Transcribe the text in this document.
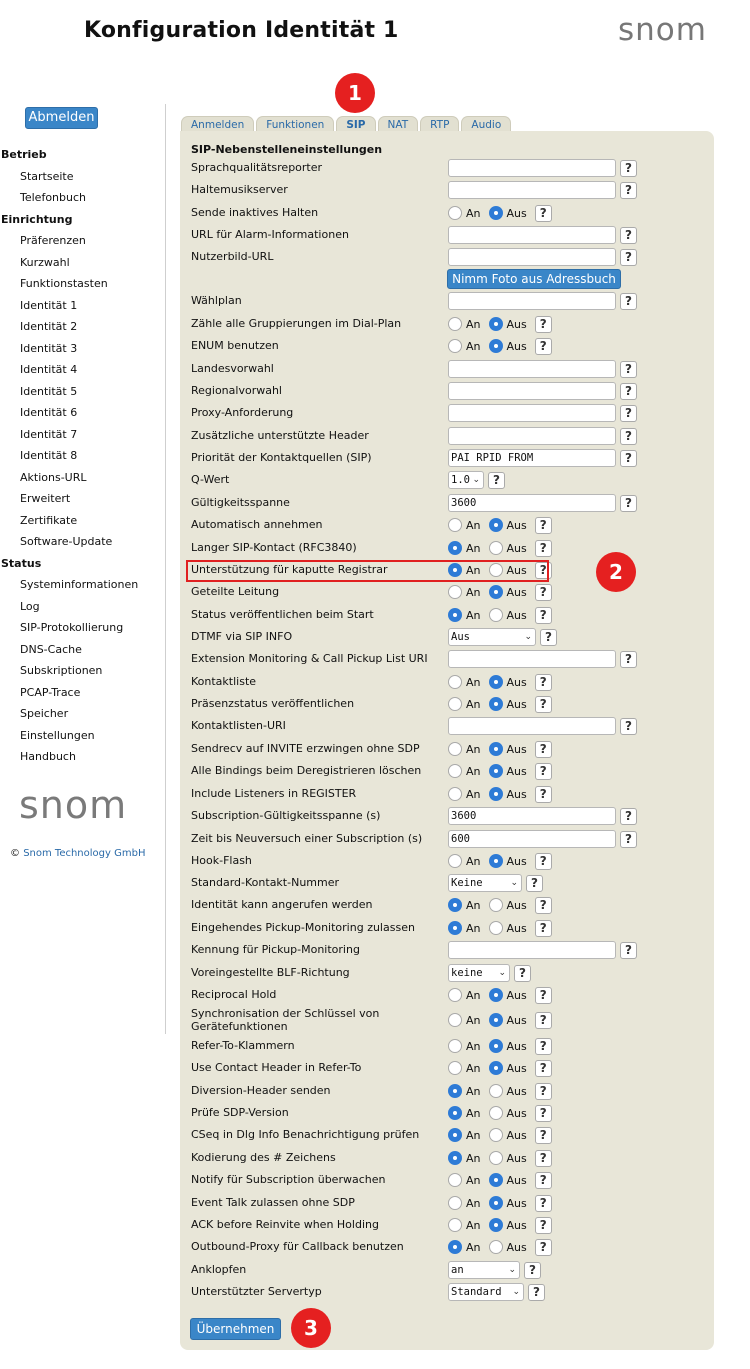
Konfiguration Identität 1	snom
Abmelden
Betrieb
Startseite
Telefonbuch
Einrichtung
Präferenzen
Kurzwahl
Funktionstasten
Identität 1
Identität 2
Identität 3
Identität 4
Identität 5
Identität 6
Identität 7
Identität 8
Aktions-URL
Erweitert
Zertifikate
Software-Update
Status
Systeminformationen
Log
SIP-Protokollierung
DNS-Cache
Subskriptionen
PCAP-Trace
Speicher
Einstellungen
Handbuch
snom
© Snom Technology GmbH
Anmelden	Funktionen	SIP	NAT	RTP	Audio
SIP-Nebenstelleneinstellungen
Sprachqualitätsreporter	?
Haltemusikserver	?
Sende inaktives Halten	An Aus	?
URL für Alarm-Informationen	?
Nutzerbild-URL	?
Nimm Foto aus Adressbuch
Wählplan	?
Zähle alle Gruppierungen im Dial-Plan	An Aus	?
ENUM benutzen	An Aus	?
Landesvorwahl	?
Regionalvorwahl	?
Proxy-Anforderung	?
Zusätzliche unterstützte Header	?
Priorität der Kontaktquellen (SIP)	PAI RPID FROM	?
Q-Wert	1.0 ⌄	?
Gültigkeitsspanne	3600	?
Automatisch annehmen	An Aus	?
Langer SIP-Kontact (RFC3840)	An Aus	?
Unterstützung für kaputte Registrar	An Aus	?
Geteilte Leitung	An Aus	?
Status veröffentlichen beim Start	An Aus	?
DTMF via SIP INFO	Aus	⌄	?
Extension Monitoring & Call Pickup List URI	?
Kontaktliste	An Aus	?
Präsenzstatus veröffentlichen	An Aus	?
Kontaktlisten-URI	?
Sendrecv auf INVITE erzwingen ohne SDP	An Aus	?
Alle Bindings beim Deregistrieren löschen	An Aus	?
Include Listeners in REGISTER	An Aus	?
Subscription-Gültigkeitsspanne (s)	3600	?
Zeit bis Neuversuch einer Subscription (s)	600	?
Hook-Flash	An Aus	?
Standard-Kontakt-Nummer	Keine	⌄	?
Identität kann angerufen werden	An Aus	?
Eingehendes Pickup-Monitoring zulassen	An Aus	?
Kennung für Pickup-Monitoring	?
Voreingestellte BLF-Richtung	keine ⌄	?
Reciprocal Hold	An Aus	?
Synchronisation der Schlüssel von Gerätefunktionen	An Aus	?
Refer-To-Klammern	An Aus	?
Use Contact Header in Refer-To	An Aus	?
Diversion-Header senden	An Aus	?
Prüfe SDP-Version	An Aus	?
CSeq in Dlg Info Benachrichtigung prüfen	An Aus	?
Kodierung des # Zeichens	An Aus	?
Notify für Subscription überwachen	An Aus	?
Event Talk zulassen ohne SDP	An Aus	?
ACK before Reinvite when Holding	An Aus	?
Outbound-Proxy für Callback benutzen	An Aus	?
Anklopfen	an	⌄	?
Unterstützter Servertyp	Standard ⌄	?
Übernehmen
1
2
3
